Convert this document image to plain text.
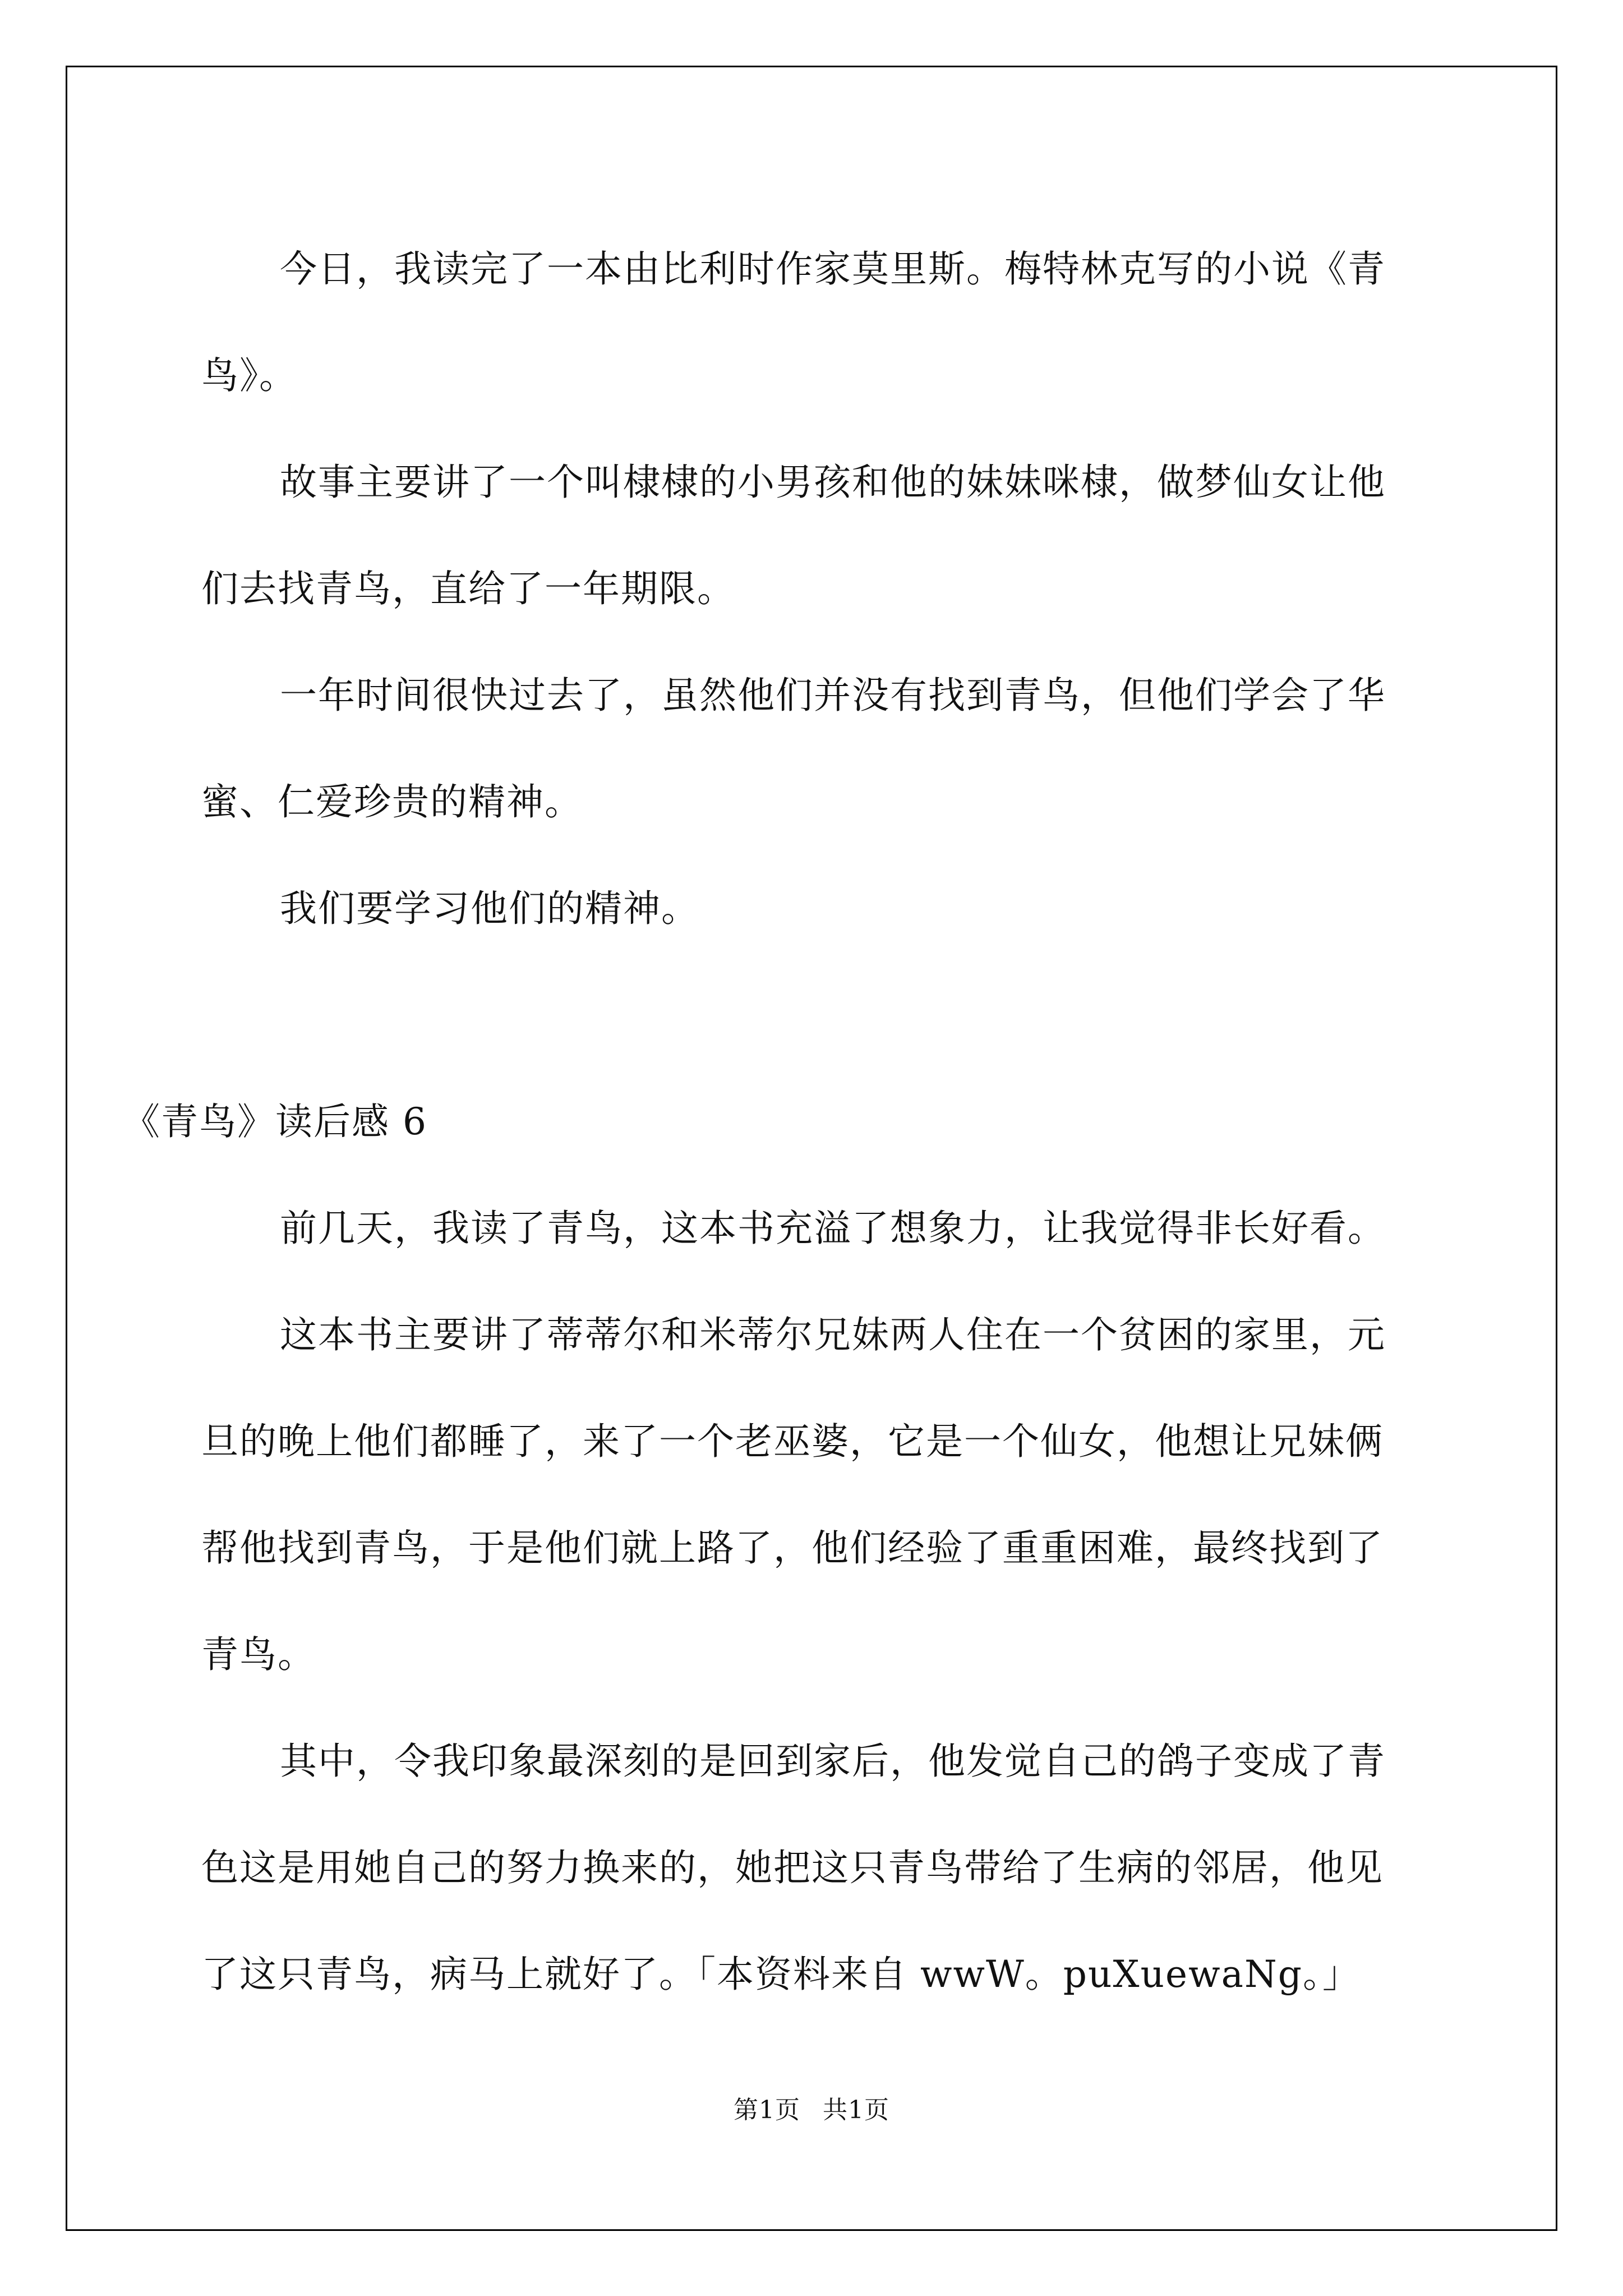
今日，我读完了一本由比利时作家莫里斯。梅特林克写的小说《青鸟》。

故事主要讲了一个叫棣棣的小男孩和他的妹妹咪棣，做梦仙女让他们去找青鸟，直给了一年期限。

一年时间很快过去了，虽然他们并没有找到青鸟，但他们学会了华蜜、仁爱珍贵的精神。

我们要学习他们的精神。

《青鸟》读后感 6

前几天，我读了青鸟，这本书充溢了想象力，让我觉得非长好看。

这本书主要讲了蒂蒂尔和米蒂尔兄妹两人住在一个贫困的家里，元旦的晚上他们都睡了，来了一个老巫婆，它是一个仙女，他想让兄妹俩帮他找到青鸟，于是他们就上路了，他们经验了重重困难，最终找到了青鸟。

其中，令我印象最深刻的是回到家后，他发觉自己的鸽子变成了青色这是用她自己的努力换来的，她把这只青鸟带给了生病的邻居，他见了这只青鸟，病马上就好了。「本资料来自 wwW。puXuewaNg。」

第1页 共1页
